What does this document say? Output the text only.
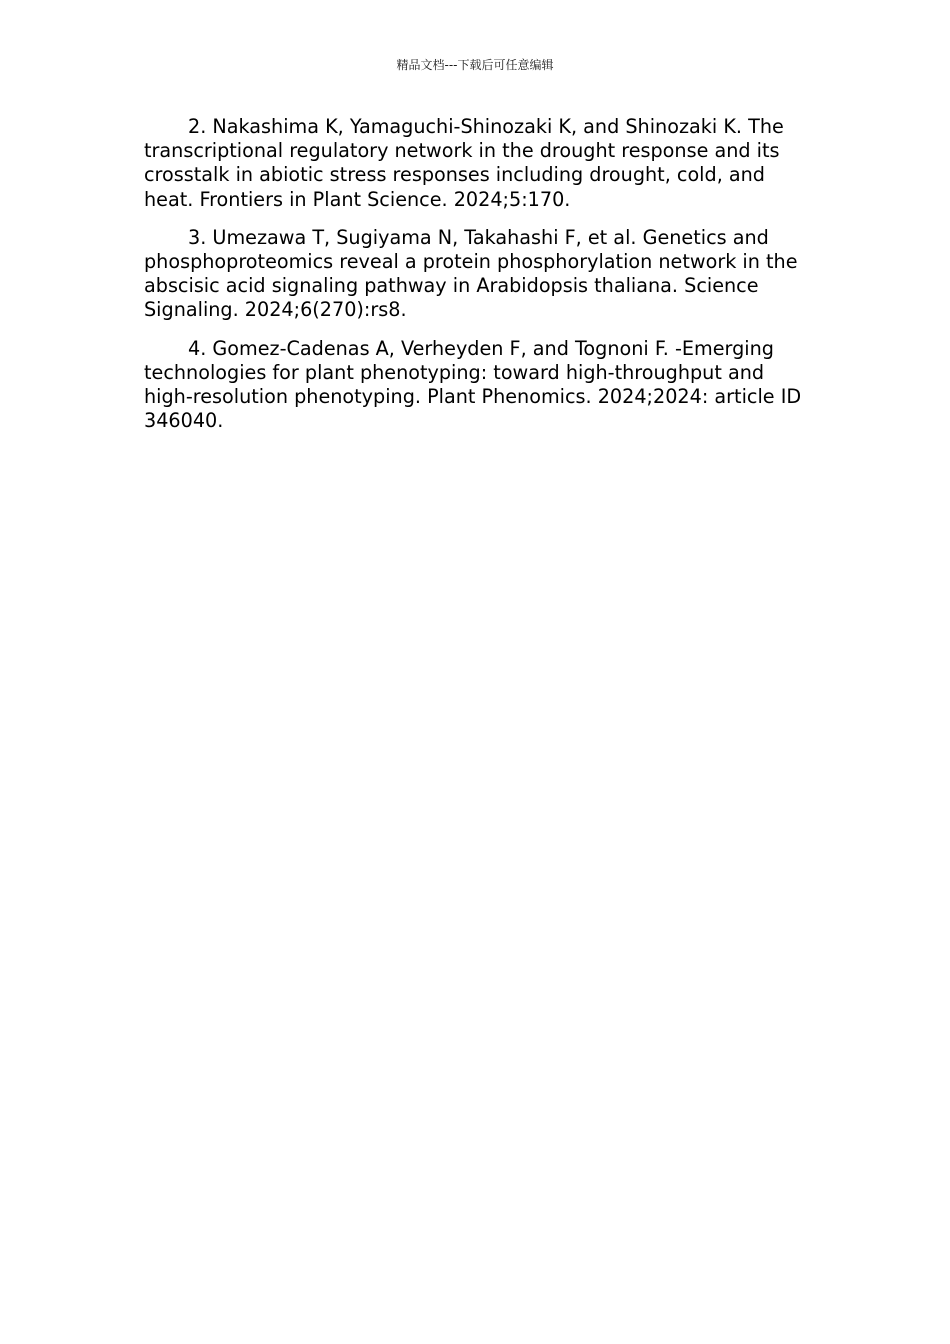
精品文档---下载后可任意编辑

2. Nakashima K, Yamaguchi-Shinozaki K, and Shinozaki K. The transcriptional regulatory network in the drought response and its crosstalk in abiotic stress responses including drought, cold, and heat. Frontiers in Plant Science. 2024;5:170.

3. Umezawa T, Sugiyama N, Takahashi F, et al. Genetics and phosphoproteomics reveal a protein phosphorylation network in the abscisic acid signaling pathway in Arabidopsis thaliana. Science Signaling. 2024;6(270):rs8.

4. Gomez-Cadenas A, Verheyden F, and Tognoni F. -Emerging technologies for plant phenotyping: toward high-throughput and high-resolution phenotyping. Plant Phenomics. 2024;2024: article ID 346040.
